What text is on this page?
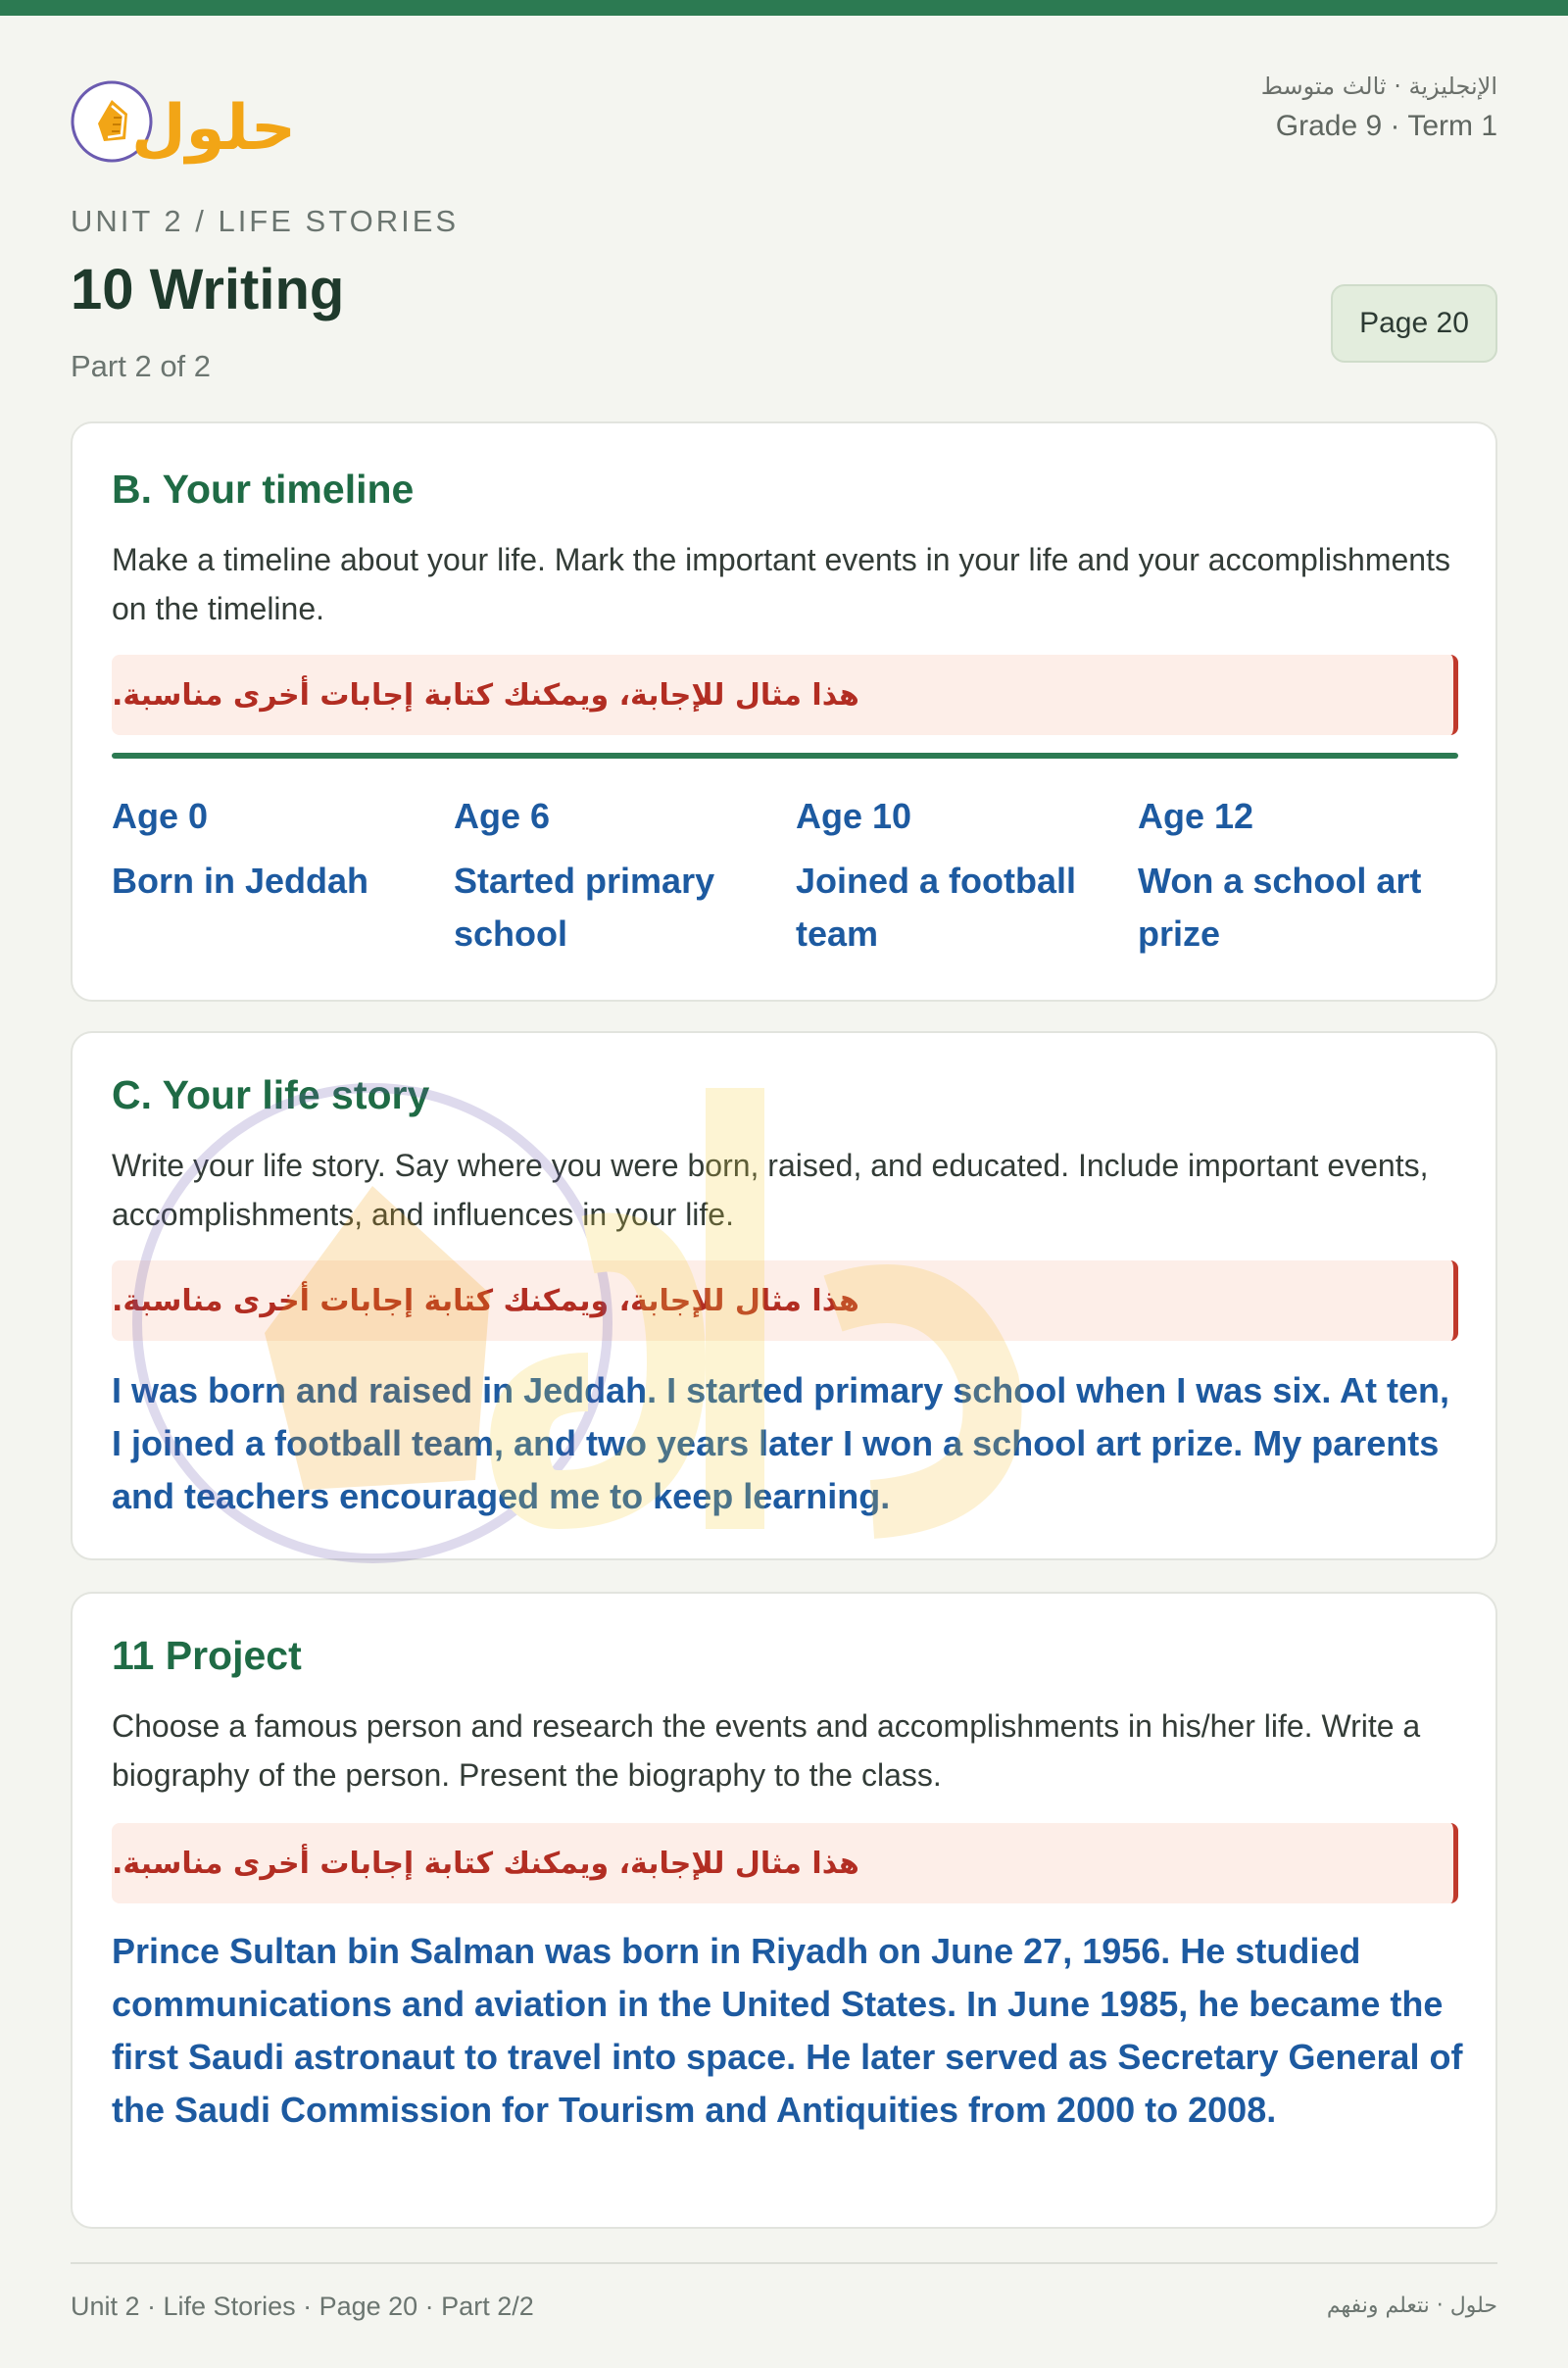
حلول
الإنجليزية · ثالث متوسط
Grade 9 · Term 1
UNIT 2 / LIFE STORIES
10 Writing
Part 2 of 2
Page 20
B. Your timeline

Make a timeline about your life. Mark the important events in your life and your accomplishments on the timeline.

هذا مثال للإجابة، ويمكنك كتابة إجابات أخرى مناسبة.
Age 0
Born in Jeddah
Age 6
Started primary school
Age 10
Joined a football team
Age 12
Won a school art prize
C. Your life story

Write your life story. Say where you were born, raised, and educated. Include important events, accomplishments, and influences in your life.

هذا مثال للإجابة، ويمكنك كتابة إجابات أخرى مناسبة.

I was born and raised in Jeddah. I started primary school when I was six. At ten, I joined a football team, and two years later I won a school art prize. My parents and teachers encouraged me to keep learning.

11 Project

Choose a famous person and research the events and accomplishments in his/her life. Write a biography of the person. Present the biography to the class.

هذا مثال للإجابة، ويمكنك كتابة إجابات أخرى مناسبة.

Prince Sultan bin Salman was born in Riyadh on June 27, 1956. He studied communications and aviation in the United States. In June 1985, he became the first Saudi astronaut to travel into space. He later served as Secretary General of the Saudi Commission for Tourism and Antiquities from 2000 to 2008.

Unit 2 · Life Stories · Page 20 · Part 2/2	حلول · نتعلم ونفهم
